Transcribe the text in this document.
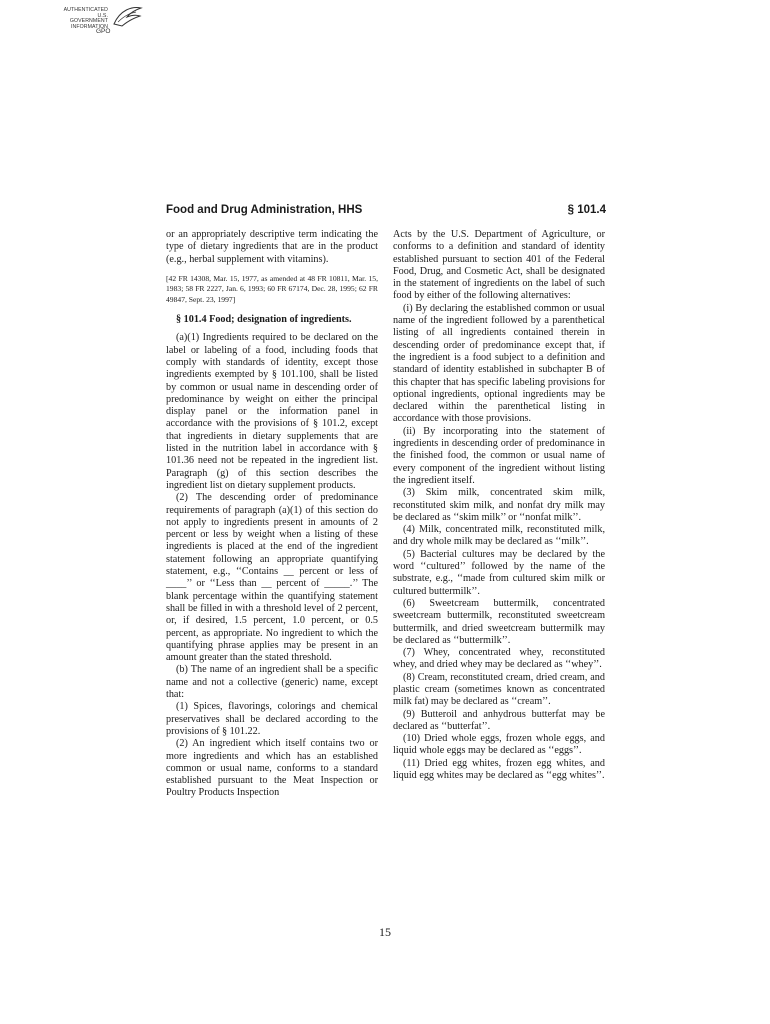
AUTHENTICATED
U.S. GOVERNMENT
INFORMATION
GPO
Food and Drug Administration, HHS	§ 101.4

or an appropriately descriptive term indicating the type of dietary ingredients that are in the product (e.g., herbal supplement with vitamins).

[42 FR 14308, Mar. 15, 1977, as amended at 48 FR 10811, Mar. 15, 1983; 58 FR 2227, Jan. 6, 1993; 60 FR 67174, Dec. 28, 1995; 62 FR 49847, Sept. 23, 1997]

§ 101.4 Food; designation of ingredients.

(a)(1) Ingredients required to be declared on the label or labeling of a food, including foods that comply with standards of identity, except those ingredients exempted by § 101.100, shall be listed by common or usual name in descending order of predominance by weight on either the principal display panel or the information panel in accordance with the provisions of § 101.2, except that ingredients in dietary supplements that are listed in the nutrition label in accordance with § 101.36 need not be repeated in the ingredient list. Paragraph (g) of this section describes the ingredient list on dietary supplement products.

(2) The descending order of predominance requirements of paragraph (a)(1) of this section do not apply to ingredients present in amounts of 2 percent or less by weight when a listing of these ingredients is placed at the end of the ingredient statement following an appropriate quantifying statement, e.g., ‘‘Contains __ percent or less of ____’’ or ‘‘Less than __ percent of _____.’’ The blank percentage within the quantifying statement shall be filled in with a threshold level of 2 percent, or, if desired, 1.5 percent, 1.0 percent, or 0.5 percent, as appropriate. No ingredient to which the quantifying phrase applies may be present in an amount greater than the stated threshold.

(b) The name of an ingredient shall be a specific name and not a collective (generic) name, except that:

(1) Spices, flavorings, colorings and chemical preservatives shall be declared according to the provisions of § 101.22.

(2) An ingredient which itself contains two or more ingredients and which has an established common or usual name, conforms to a standard established pursuant to the Meat Inspection or Poultry Products Inspection

Acts by the U.S. Department of Agriculture, or conforms to a definition and standard of identity established pursuant to section 401 of the Federal Food, Drug, and Cosmetic Act, shall be designated in the statement of ingredients on the label of such food by either of the following alternatives:

(i) By declaring the established common or usual name of the ingredient followed by a parenthetical listing of all ingredients contained therein in descending order of predominance except that, if the ingredient is a food subject to a definition and standard of identity established in subchapter B of this chapter that has specific labeling provisions for optional ingredients, optional ingredients may be declared within the parenthetical listing in accordance with those provisions.

(ii) By incorporating into the statement of ingredients in descending order of predominance in the finished food, the common or usual name of every component of the ingredient without listing the ingredient itself.

(3) Skim milk, concentrated skim milk, reconstituted skim milk, and nonfat dry milk may be declared as ‘‘skim milk’’ or ‘‘nonfat milk’’.

(4) Milk, concentrated milk, reconstituted milk, and dry whole milk may be declared as ‘‘milk’’.

(5) Bacterial cultures may be declared by the word ‘‘cultured’’ followed by the name of the substrate, e.g., ‘‘made from cultured skim milk or cultured buttermilk’’.

(6) Sweetcream buttermilk, concentrated sweetcream buttermilk, reconstituted sweetcream buttermilk, and dried sweetcream buttermilk may be declared as ‘‘buttermilk’’.

(7) Whey, concentrated whey, reconstituted whey, and dried whey may be declared as ‘‘whey’’.

(8) Cream, reconstituted cream, dried cream, and plastic cream (sometimes known as concentrated milk fat) may be declared as ‘‘cream’’.

(9) Butteroil and anhydrous butterfat may be declared as ‘‘butterfat’’.

(10) Dried whole eggs, frozen whole eggs, and liquid whole eggs may be declared as ‘‘eggs’’.

(11) Dried egg whites, frozen egg whites, and liquid egg whites may be declared as ‘‘egg whites’’.

15
